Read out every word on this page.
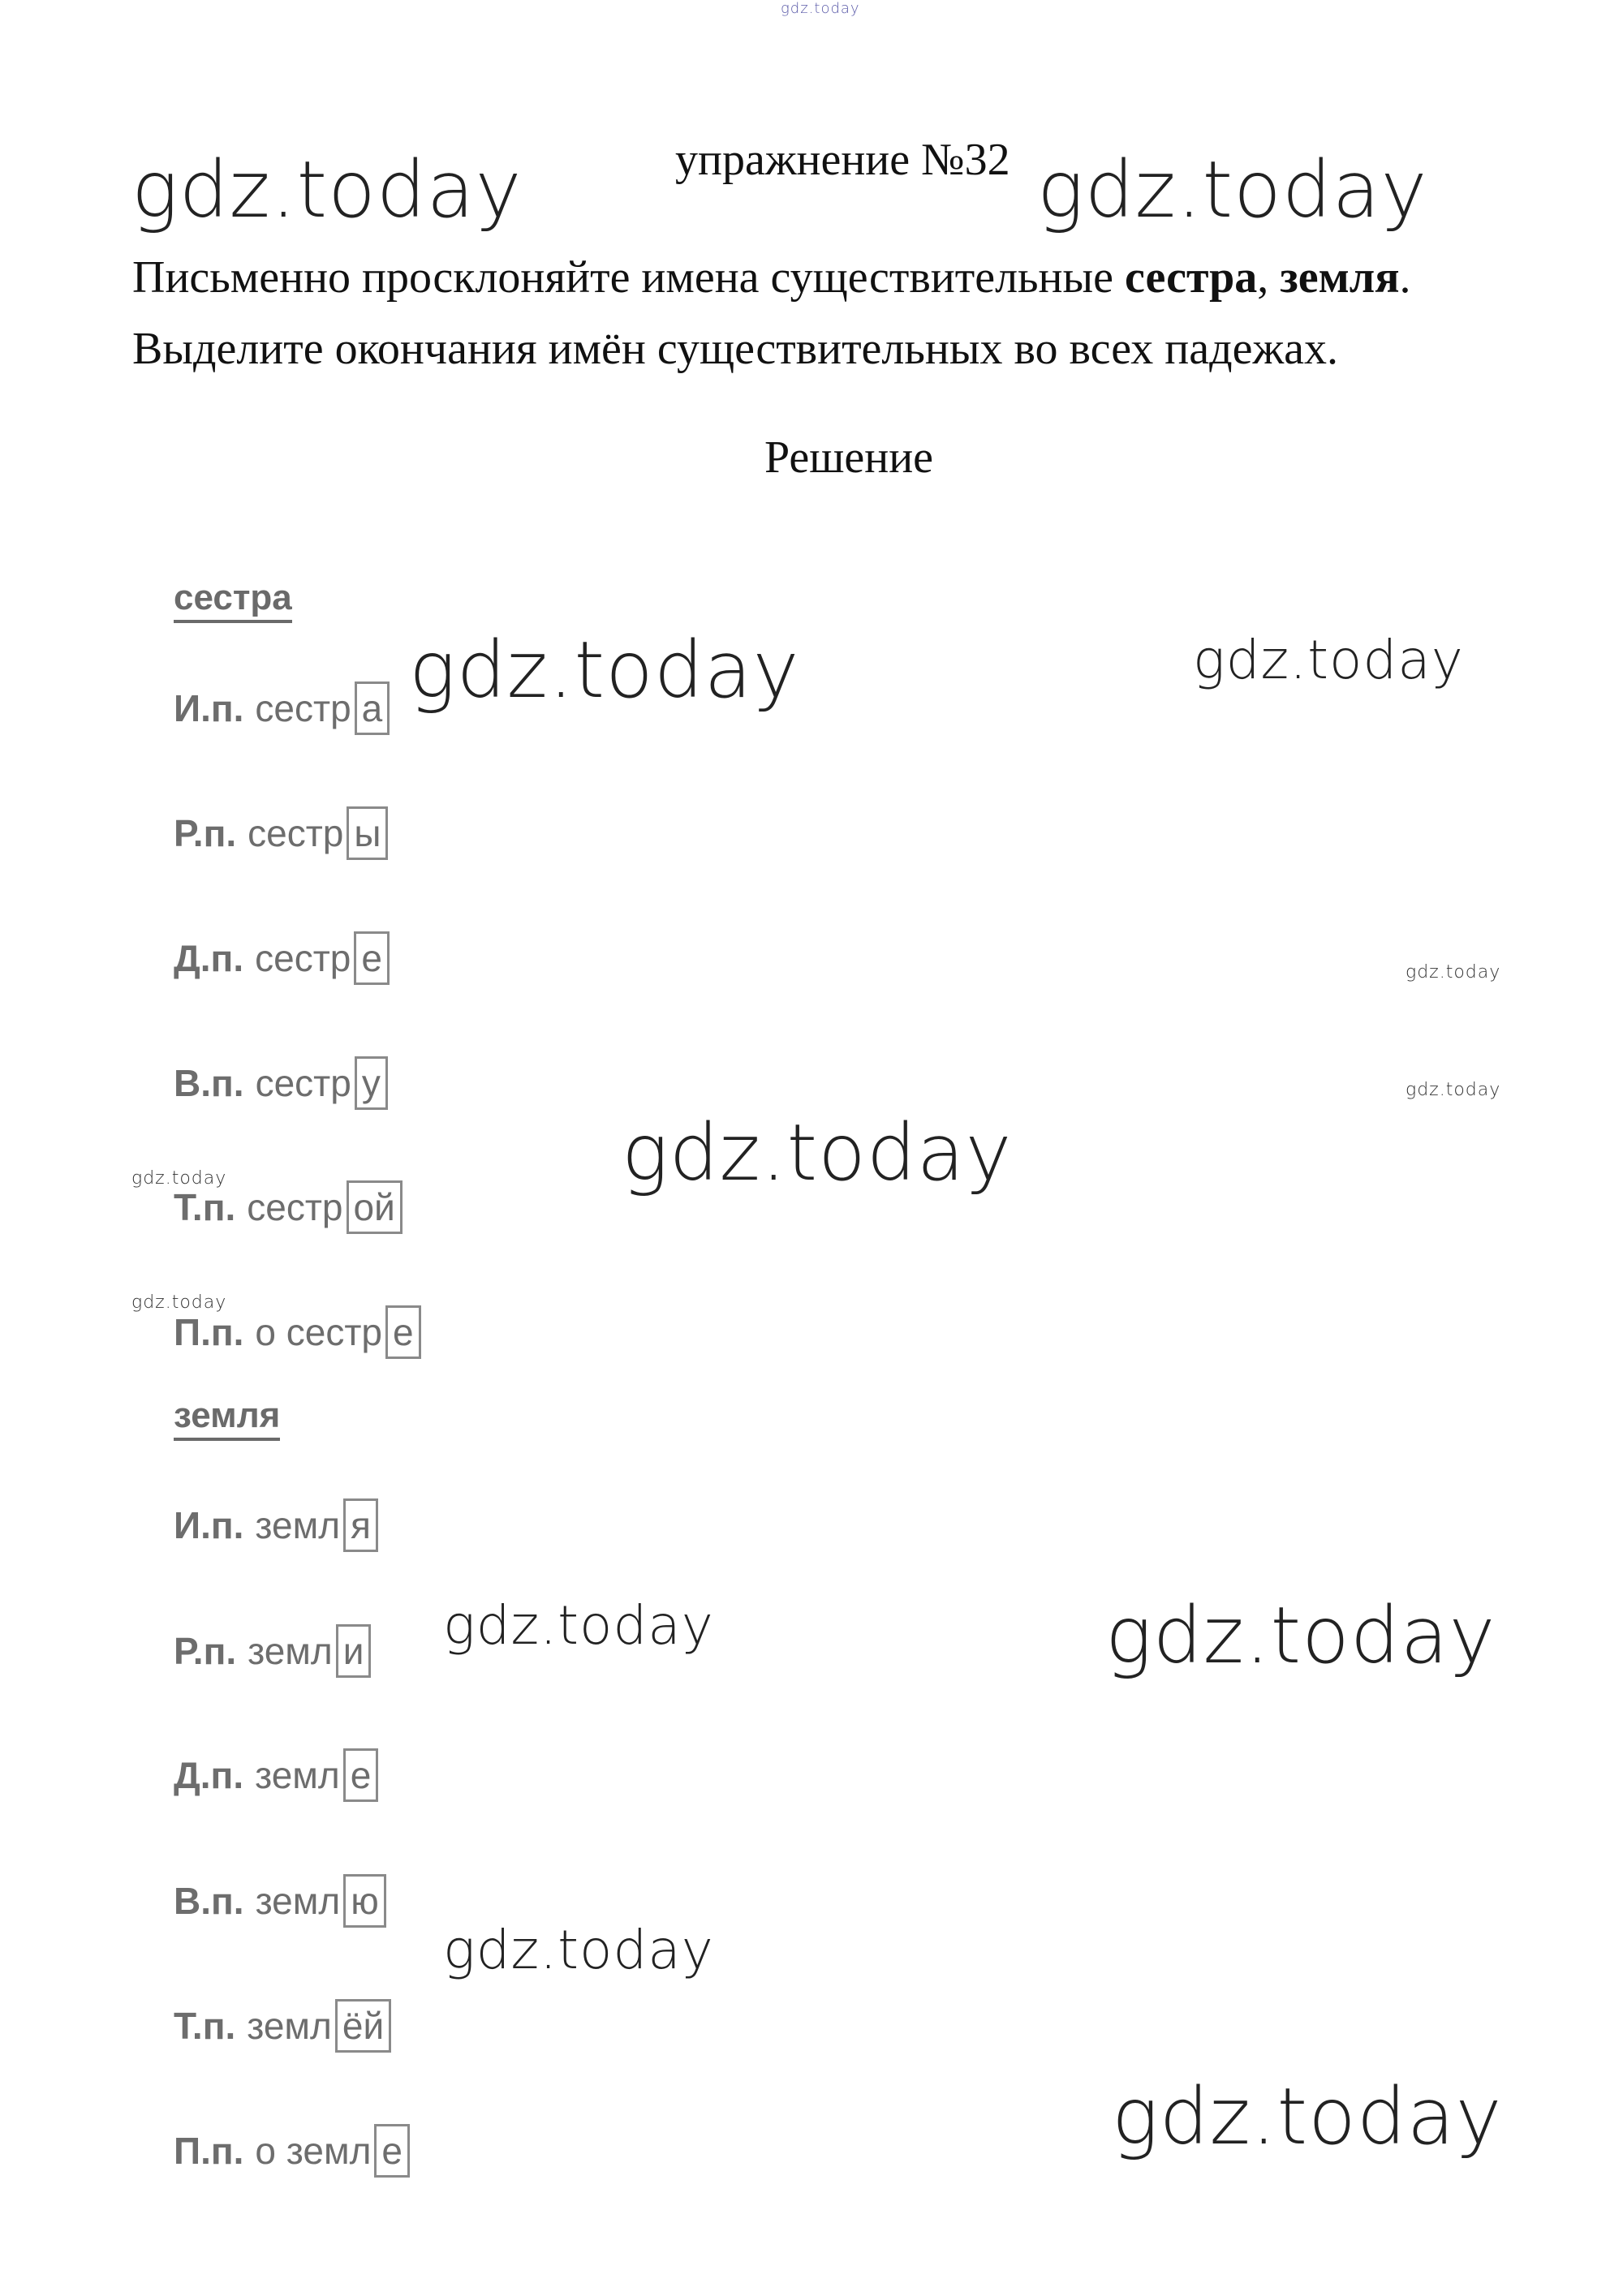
gdz.today
gdz.today	gdz.today
gdz.today	gdz.today
gdz.today
gdz.today
gdz.today
gdz.today
gdz.today
gdz.today	gdz.today
gdz.today
gdz.today
упражнение №32
Письменно просклоняйте имена существительные сестра, земля.
Выделите окончания имён существительных во всех падежах.
Решение
сестра
И.п. сестр а
Р.п. сестр ы
Д.п. сестр е
В.п. сестр у
Т.п. сестр ой
П.п. о сестр е
земля
И.п. земл я
Р.п. земл и
Д.п. земл е
В.п. земл ю
Т.п. земл ёй
П.п. о земл е
